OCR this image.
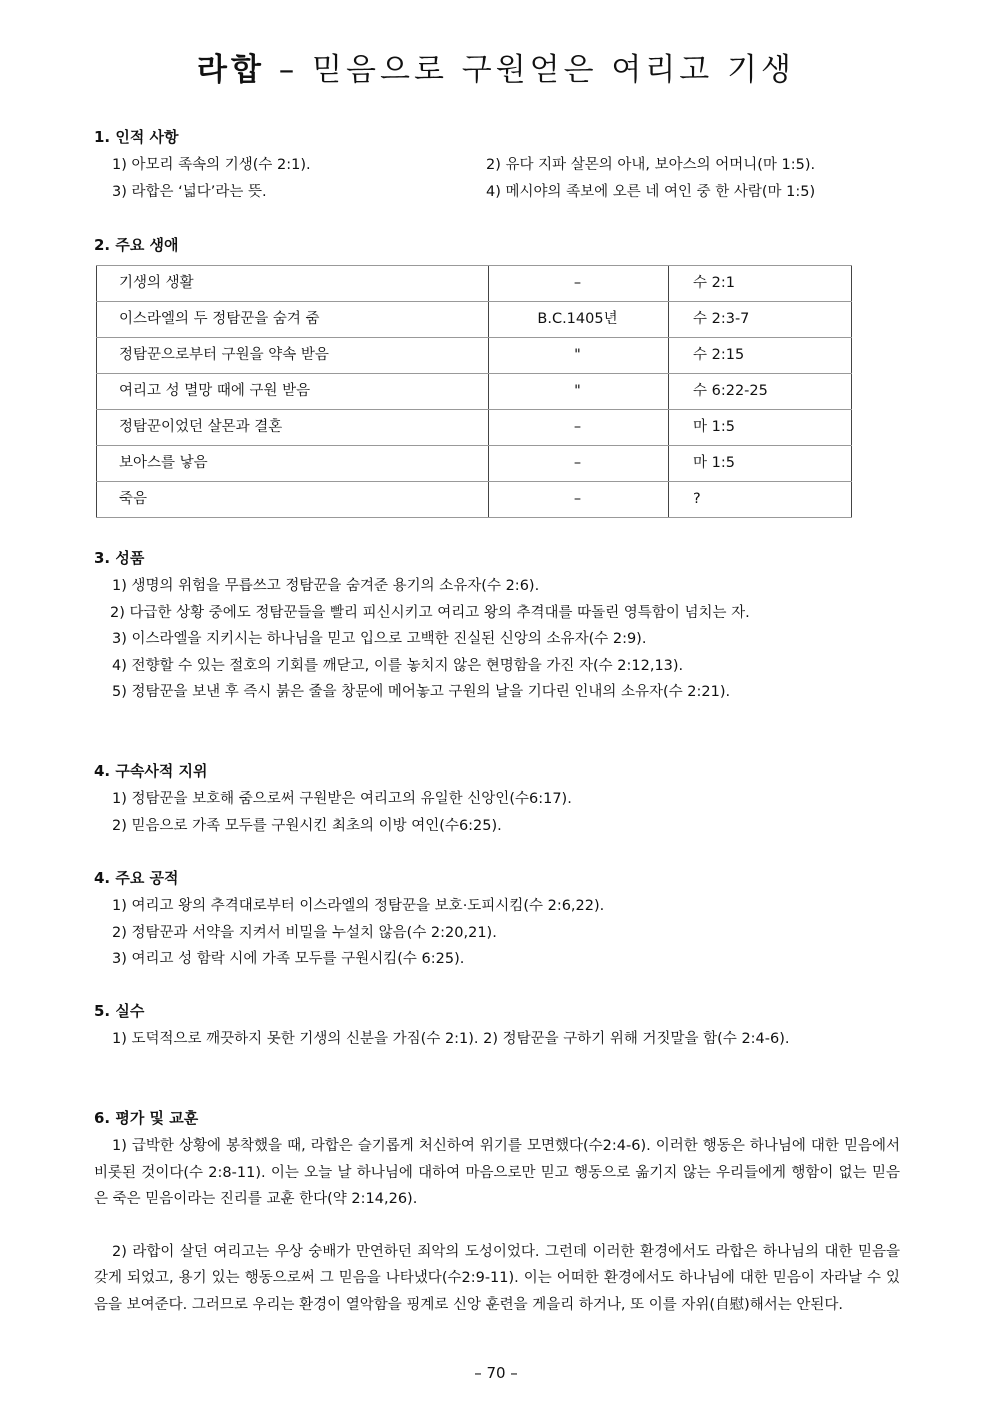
라합 – 믿음으로 구원얻은 여리고 기생
1. 인적 사항
1) 아모리 족속의 기생(수 2:1).	2) 유다 지파 살몬의 아내, 보아스의 어머니(마 1:5).
3) 라합은 ‘넓다’라는 뜻.	4) 메시야의 족보에 오른 네 여인 중 한 사람(마 1:5)
2. 주요 생애
기생의 생활	–	수 2:1
이스라엘의 두 정탐꾼을 숨겨 줌	B.C.1405년	수 2:3-7
정탐꾼으로부터 구원을 약속 받음	"	수 2:15
여리고 성 멸망 때에 구원 받음	"	수 6:22-25
정탐꾼이었던 살몬과 결혼	–	마 1:5
보아스를 낳음	–	마 1:5
죽음	–	?
3. 성품
1) 생명의 위험을 무릅쓰고 정탐꾼을 숨겨준 용기의 소유자(수 2:6).

2) 다급한 상황 중에도 정탐꾼들을 빨리 피신시키고 여리고 왕의 추격대를 따돌린 영특함이 넘치는 자.

3) 이스라엘을 지키시는 하나님을 믿고 입으로 고백한 진실된 신앙의 소유자(수 2:9).
4) 전향할 수 있는 절호의 기회를 깨닫고, 이를 놓치지 않은 현명함을 가진 자(수 2:12,13).
5) 정탐꾼을 보낸 후 즉시 붉은 줄을 창문에 메어놓고 구원의 날을 기다린 인내의 소유자(수 2:21).
4. 구속사적 지위
1) 정탐꾼을 보호해 줌으로써 구원받은 여리고의 유일한 신앙인(수6:17).
2) 믿음으로 가족 모두를 구원시킨 최초의 이방 여인(수6:25).
4. 주요 공적
1) 여리고 왕의 추격대로부터 이스라엘의 정탐꾼을 보호·도피시킴(수 2:6,22).
2) 정탐꾼과 서약을 지켜서 비밀을 누설치 않음(수 2:20,21).
3) 여리고 성 함락 시에 가족 모두를 구원시킴(수 6:25).
5. 실수

1) 도덕적으로 깨끗하지 못한 기생의 신분을 가짐(수 2:1). 2) 정탐꾼을 구하기 위해 거짓말을 함(수 2:4-6).

6. 평가 및 교훈

1) 급박한 상황에 봉착했을 때, 라합은 슬기롭게 처신하여 위기를 모면했다(수2:4-6). 이러한 행동은 하나님에 대한 믿음에서 비롯된 것이다(수 2:8-11). 이는 오늘 날 하나님에 대하여 마음으로만 믿고 행동으로 옮기지 않는 우리들에게 행함이 없는 믿음은 죽은 믿음이라는 진리를 교훈 한다(약 2:14,26).

2) 라합이 살던 여리고는 우상 숭배가 만연하던 죄악의 도성이었다. 그런데 이러한 환경에서도 라합은 하나님의 대한 믿음을 갖게 되었고, 용기 있는 행동으로써 그 믿음을 나타냈다(수2:9-11). 이는 어떠한 환경에서도 하나님에 대한 믿음이 자라날 수 있음을 보여준다. 그러므로 우리는 환경이 열악함을 핑계로 신앙 훈련을 게을리 하거나, 또 이를 자위(自慰)해서는 안된다.

– 70 –
